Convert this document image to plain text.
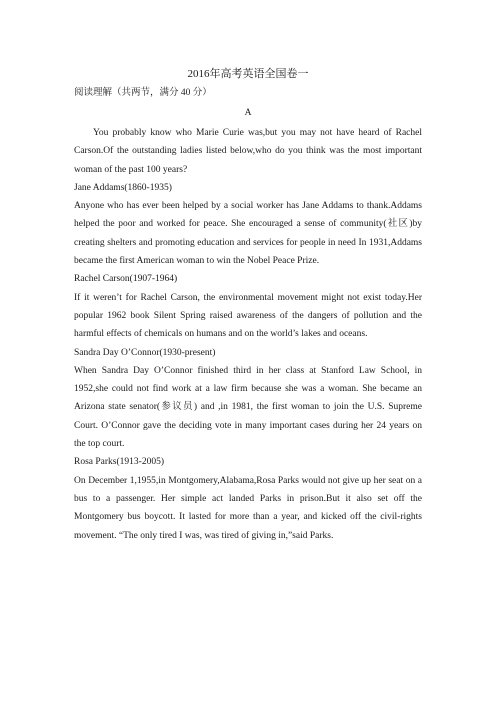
2016年高考英语全国卷一
阅读理解（共两节，满分 40 分）
A

You probably know who Marie Curie was,but you may not have heard of Rachel Carson.Of the outstanding ladies listed below,who do you think was the most important woman of the past 100 years?

Jane Addams(1860-1935)

Anyone who has ever been helped by a social worker has Jane Addams to thank.Addams helped the poor and worked for peace. She encouraged a sense of community(社区)by creating shelters and promoting education and services for people in need In 1931,Addams became the first American woman to win the Nobel Peace Prize.

Rachel Carson(1907-1964)

If it weren’t for Rachel Carson, the environmental movement might not exist today.Her popular 1962 book Silent Spring raised awareness of the dangers of pollution and the harmful effects of chemicals on humans and on the world’s lakes and oceans.

Sandra Day O’Connor(1930-present)

When Sandra Day O’Connor finished third in her class at Stanford Law School, in 1952,she could not find work at a law firm because she was a woman. She became an Arizona state senator(参议员) and ,in 1981, the first woman to join the U.S. Supreme Court. O’Connor gave the deciding vote in many important cases during her 24 years on the top court.

Rosa Parks(1913-2005)

On December 1,1955,in Montgomery,Alabama,Rosa Parks would not give up her seat on a bus to a passenger. Her simple act landed Parks in prison.But it also set off the Montgomery bus boycott. It lasted for more than a year, and kicked off the civil-rights movement. “The only tired I was, was tired of giving in,”said Parks.
